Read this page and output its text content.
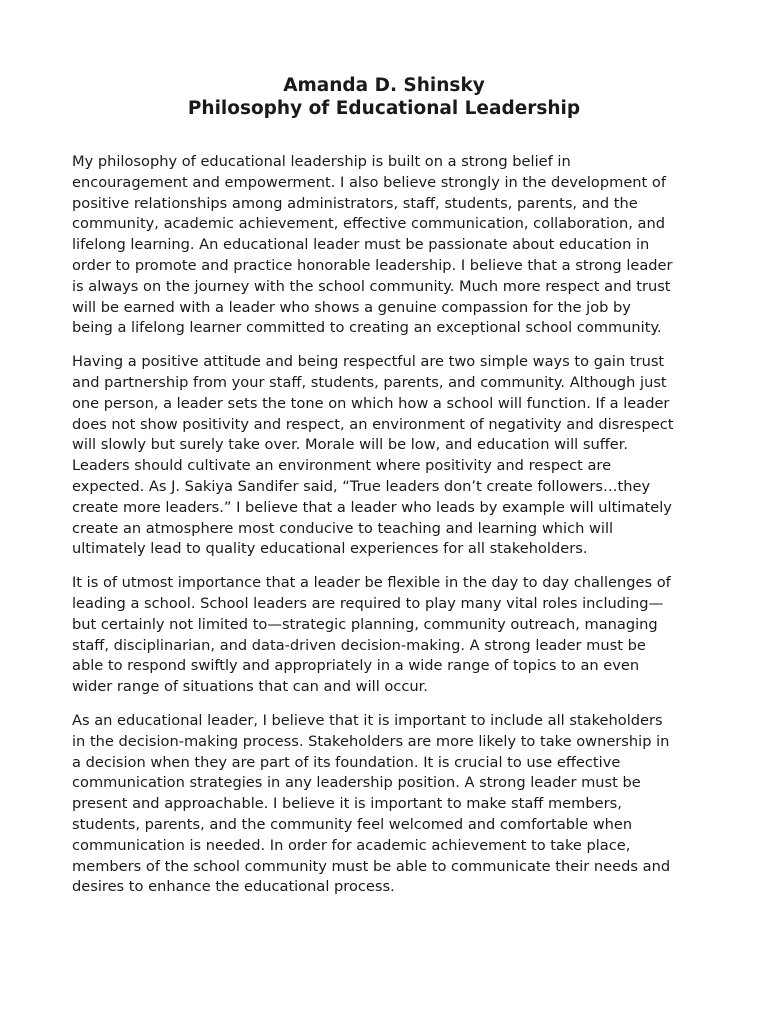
Amanda D. Shinsky
Philosophy of Educational Leadership

My philosophy of educational leadership is built on a strong belief in
encouragement and empowerment. I also believe strongly in the development of
positive relationships among administrators, staff, students, parents, and the
community, academic achievement, effective communication, collaboration, and
lifelong learning. An educational leader must be passionate about education in
order to promote and practice honorable leadership. I believe that a strong leader
is always on the journey with the school community. Much more respect and trust
will be earned with a leader who shows a genuine compassion for the job by
being a lifelong learner committed to creating an exceptional school community.

Having a positive attitude and being respectful are two simple ways to gain trust
and partnership from your staff, students, parents, and community. Although just
one person, a leader sets the tone on which how a school will function. If a leader
does not show positivity and respect, an environment of negativity and disrespect
will slowly but surely take over. Morale will be low, and education will suffer.
Leaders should cultivate an environment where positivity and respect are
expected. As J. Sakiya Sandifer said, “True leaders don’t create followers…they
create more leaders.” I believe that a leader who leads by example will ultimately
create an atmosphere most conducive to teaching and learning which will
ultimately lead to quality educational experiences for all stakeholders.

It is of utmost importance that a leader be flexible in the day to day challenges of
leading a school. School leaders are required to play many vital roles including—
but certainly not limited to—strategic planning, community outreach, managing
staff, disciplinarian, and data-driven decision-making. A strong leader must be
able to respond swiftly and appropriately in a wide range of topics to an even
wider range of situations that can and will occur.

As an educational leader, I believe that it is important to include all stakeholders
in the decision-making process. Stakeholders are more likely to take ownership in
a decision when they are part of its foundation. It is crucial to use effective
communication strategies in any leadership position. A strong leader must be
present and approachable. I believe it is important to make staff members,
students, parents, and the community feel welcomed and comfortable when
communication is needed. In order for academic achievement to take place,
members of the school community must be able to communicate their needs and
desires to enhance the educational process.
